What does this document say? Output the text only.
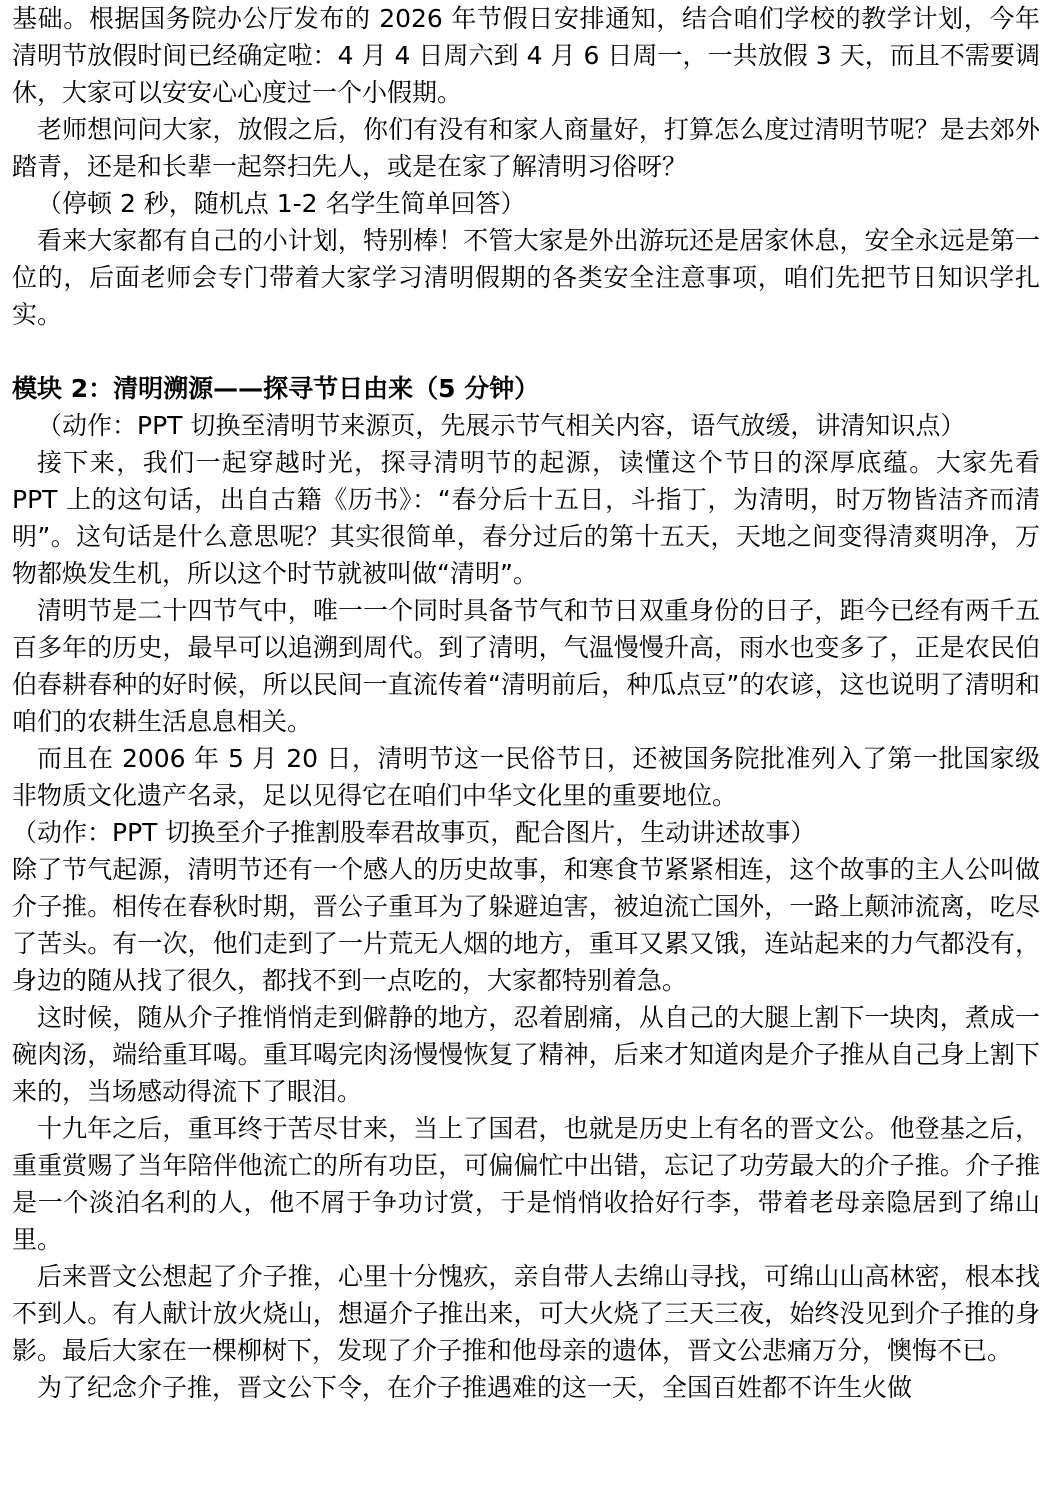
基础。根据国务院办公厅发布的 2026 年节假日安排通知，结合咱们学校的教学计划，今年清明节放假时间已经确定啦：4 月 4 日周六到 4 月 6 日周一，一共放假 3 天，而且不需要调休，大家可以安安心心度过一个小假期。

老师想问问大家，放假之后，你们有没有和家人商量好，打算怎么度过清明节呢？是去郊外踏青，还是和长辈一起祭扫先人，或是在家了解清明习俗呀？

（停顿 2 秒，随机点 1-2 名学生简单回答）

看来大家都有自己的小计划，特别棒！不管大家是外出游玩还是居家休息，安全永远是第一位的，后面老师会专门带着大家学习清明假期的各类安全注意事项，咱们先把节日知识学扎实。

模块 2：清明溯源——探寻节日由来（5 分钟）

（动作：PPT 切换至清明节来源页，先展示节气相关内容，语气放缓，讲清知识点）

接下来，我们一起穿越时光，探寻清明节的起源，读懂这个节日的深厚底蕴。大家先看 PPT 上的这句话，出自古籍《历书》：“春分后十五日，斗指丁，为清明，时万物皆洁齐而清明”。这句话是什么意思呢？其实很简单，春分过后的第十五天，天地之间变得清爽明净，万物都焕发生机，所以这个时节就被叫做“清明”。

清明节是二十四节气中，唯一一个同时具备节气和节日双重身份的日子，距今已经有两千五百多年的历史，最早可以追溯到周代。到了清明，气温慢慢升高，雨水也变多了，正是农民伯伯春耕春种的好时候，所以民间一直流传着“清明前后，种瓜点豆”的农谚，这也说明了清明和咱们的农耕生活息息相关。

而且在 2006 年 5 月 20 日，清明节这一民俗节日，还被国务院批准列入了第一批国家级非物质文化遗产名录，足以见得它在咱们中华文化里的重要地位。

（动作：PPT 切换至介子推割股奉君故事页，配合图片，生动讲述故事）

除了节气起源，清明节还有一个感人的历史故事，和寒食节紧紧相连，这个故事的主人公叫做介子推。相传在春秋时期，晋公子重耳为了躲避迫害，被迫流亡国外，一路上颠沛流离，吃尽了苦头。有一次，他们走到了一片荒无人烟的地方，重耳又累又饿，连站起来的力气都没有，身边的随从找了很久，都找不到一点吃的，大家都特别着急。

这时候，随从介子推悄悄走到僻静的地方，忍着剧痛，从自己的大腿上割下一块肉，煮成一碗肉汤，端给重耳喝。重耳喝完肉汤慢慢恢复了精神，后来才知道肉是介子推从自己身上割下来的，当场感动得流下了眼泪。

十九年之后，重耳终于苦尽甘来，当上了国君，也就是历史上有名的晋文公。他登基之后，重重赏赐了当年陪伴他流亡的所有功臣，可偏偏忙中出错，忘记了功劳最大的介子推。介子推是一个淡泊名利的人，他不屑于争功讨赏，于是悄悄收拾好行李，带着老母亲隐居到了绵山里。

后来晋文公想起了介子推，心里十分愧疚，亲自带人去绵山寻找，可绵山山高林密，根本找不到人。有人献计放火烧山，想逼介子推出来，可大火烧了三天三夜，始终没见到介子推的身影。最后大家在一棵柳树下，发现了介子推和他母亲的遗体，晋文公悲痛万分，懊悔不已。

为了纪念介子推，晋文公下令，在介子推遇难的这一天，全国百姓都不许生火做
